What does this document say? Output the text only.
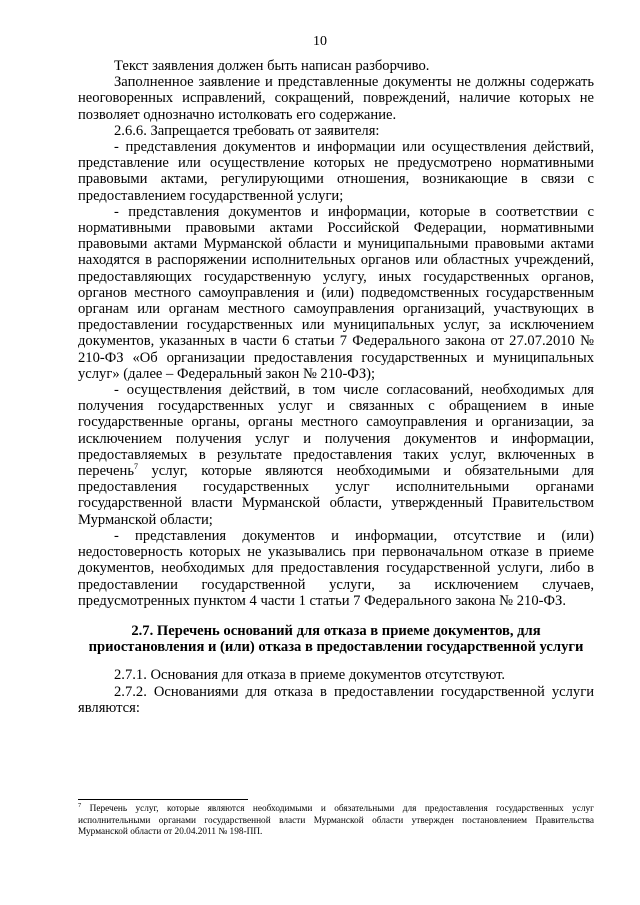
10

Текст заявления должен быть написан разборчиво.

Заполненное заявление и представленные документы не должны содержать неоговоренных исправлений, сокращений, повреждений, наличие которых не позволяет однозначно истолковать его содержание.

2.6.6. Запрещается требовать от заявителя:

- представления документов и информации или осуществления действий, представление или осуществление которых не предусмотрено нормативными правовыми актами, регулирующими отношения, возникающие в связи с предоставлением государственной услуги;

- представления документов и информации, которые в соответствии с нормативными правовыми актами Российской Федерации, нормативными правовыми актами Мурманской области и муниципальными правовыми актами находятся в распоряжении исполнительных органов или областных учреждений, предоставляющих государственную услугу, иных государственных органов, органов местного самоуправления и (или) подведомственных государственным органам или органам местного самоуправления организаций, участвующих в предоставлении государственных или муниципальных услуг, за исключением документов, указанных в части 6 статьи 7 Федерального закона от 27.07.2010 № 210-ФЗ «Об организации предоставления государственных и муниципальных услуг» (далее – Федеральный закон № 210-ФЗ);

- осуществления действий, в том числе согласований, необходимых для получения государственных услуг и связанных с обращением в иные государственные органы, органы местного самоуправления и организации, за исключением получения услуг и получения документов и информации, предоставляемых в результате предоставления таких услуг, включенных в перечень$^7$ услуг, которые являются необходимыми и обязательными для предоставления государственных услуг исполнительными органами государственной власти Мурманской области, утвержденный Правительством Мурманской области;

- представления документов и информации, отсутствие и (или) недостоверность которых не указывались при первоначальном отказе в приеме документов, необходимых для предоставления государственной услуги, либо в предоставлении государственной услуги, за исключением случаев, предусмотренных пунктом 4 части 1 статьи 7 Федерального закона № 210-ФЗ.

2.7. Перечень оснований для отказа в приеме документов, для приостановления и (или) отказа в предоставлении государственной услуги

2.7.1. Основания для отказа в приеме документов отсутствуют.

2.7.2. Основаниями для отказа в предоставлении государственной услуги являются:

$^7$ Перечень услуг, которые являются необходимыми и обязательными для предоставления государственных услуг исполнительными органами государственной власти Мурманской области утвержден постановлением Правительства Мурманской области от 20.04.2011 № 198-ПП.
